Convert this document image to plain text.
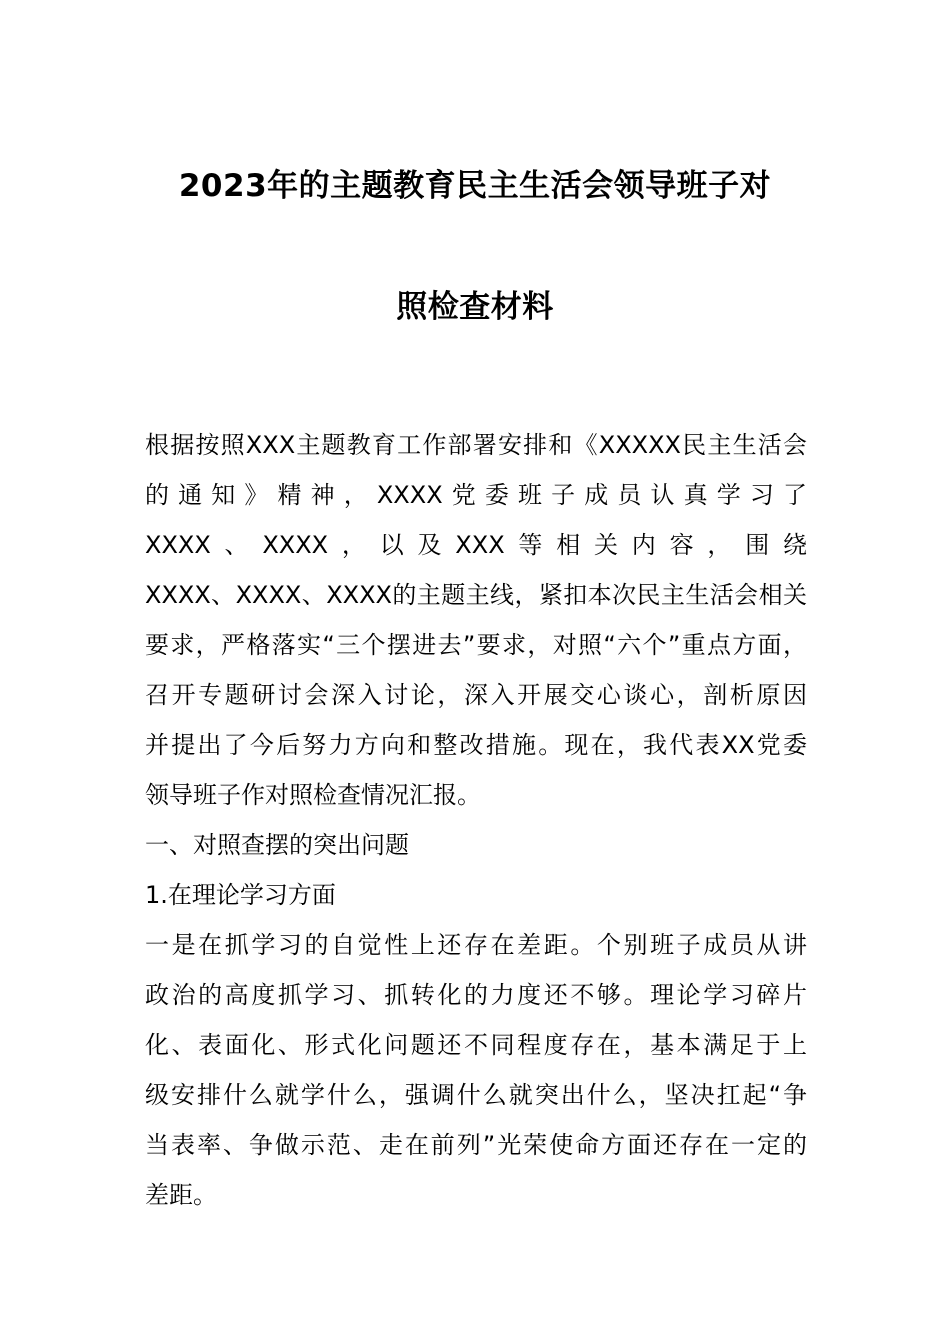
2023年的主题教育民主生活会领导班子对
照检查材料
根据按照XXX主题教育工作部署安排和《XXXXX民主生活会
的通知》精神，XXXX党委班子成员认真学习了
XXXX、XXXX，以及XXX等相关内容，围绕
XXXX、XXXX、XXXX的主题主线，紧扣本次民主生活会相关
要求，严格落实“三个摆进去”要求，对照“六个”重点方面，
召开专题研讨会深入讨论，深入开展交心谈心，剖析原因
并提出了今后努力方向和整改措施。现在，我代表XX党委
领导班子作对照检查情况汇报。
一、对照查摆的突出问题
1.在理论学习方面
一是在抓学习的自觉性上还存在差距。个别班子成员从讲
政治的高度抓学习、抓转化的力度还不够。理论学习碎片
化、表面化、形式化问题还不同程度存在，基本满足于上
级安排什么就学什么，强调什么就突出什么，坚决扛起“争
当表率、争做示范、走在前列”光荣使命方面还存在一定的
差距。
